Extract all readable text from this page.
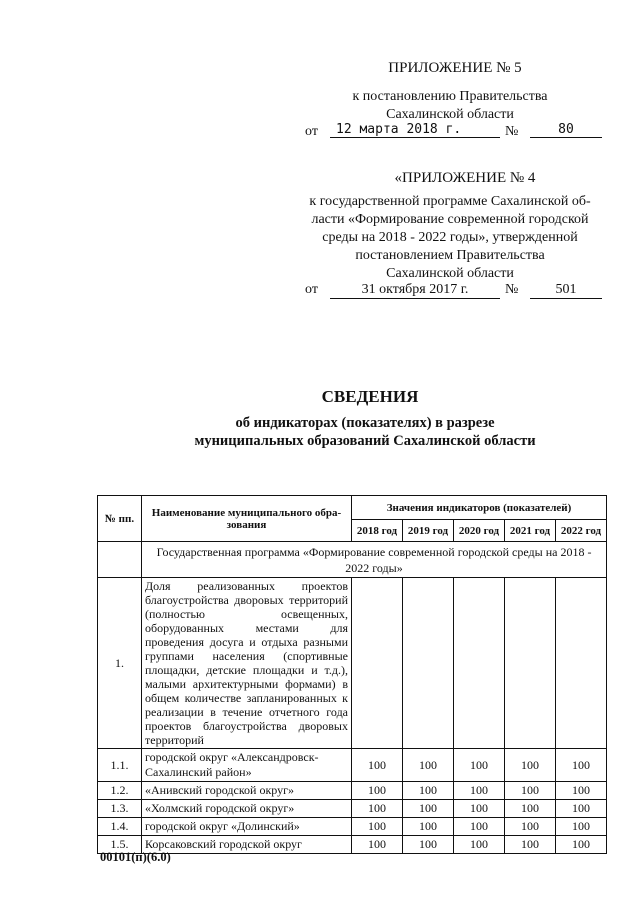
ПРИЛОЖЕНИЕ № 5
к постановлению Правительства
Сахалинской области
от	12 марта 2018 г.	№	80
«ПРИЛОЖЕНИЕ № 4
к государственной программе Сахалинской об-
ласти «Формирование современной городской
среды на 2018 - 2022 годы», утвержденной
постановлением Правительства
Сахалинской области
от	31 октября 2017 г.	№	501
СВЕДЕНИЯ
об индикаторах (показателях) в разрезе
муниципальных образований Сахалинской области
№ пп.	Наименование муниципального обра-зования	Значения индикаторов (показателей)				
		2018 год	2019 год	2020 год	2021 год	2022 год
	Государственная программа «Формирование современной городской среды на 2018 - 2022 годы»					
1.	Доля реализованных проектов благоустройства дворовых территорий (полностью освещенных, оборудованных местами для проведения досуга и отдыха разными группами населения (спортивные площадки, детские площадки и т.д.), малыми архитектурными формами) в общем количестве запланированных к реализации в течение отчетного года проектов благоустройства дворовых территорий					
1.1.	городской округ «Александровск-Сахалинский район»	100	100	100	100	100
1.2.	«Анивский городской округ»	100	100	100	100	100
1.3.	«Холмский городской округ»	100	100	100	100	100
1.4.	городской округ «Долинский»	100	100	100	100	100
1.5.	Корсаковский городской округ	100	100	100	100	100
00101(п)(6.0)
